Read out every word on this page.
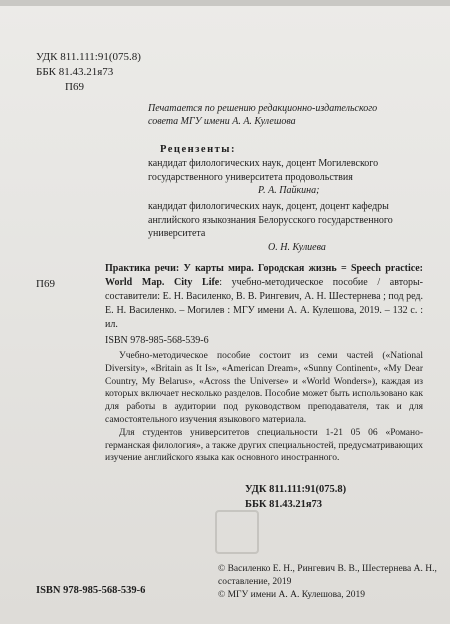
УДК 811.111:91(075.8)
ББК 81.43.21я73
П69
Печатается по решению редакционно-издательского совета МГУ имени А. А. Кулешова
Рецензенты:
кандидат филологических наук, доцент Могилевского государственного университета продовольствия
Р. А. Пайкина;
кандидат филологических наук, доцент, доцент кафедры английского языкознания Белорусского государственного университета
О. Н. Кулиева
П69
Практика речи: У карты мира. Городская жизнь = Speech practice: World Map. City Life: учебно-методическое пособие / авторы-составители: Е. Н. Василенко, В. В. Рингевич, А. Н. Шестернева ; под ред. Е. Н. Василенко. – Могилев : МГУ имени А. А. Кулешова, 2019. – 132 с. : ил.
ISBN 978-985-568-539-6
Учебно-методическое пособие состоит из семи частей («National Diversity», «Britain as It Is», «American Dream», «Sunny Continent», «My Dear Country, My Belarus», «Across the Universe» и «World Wonders»), каждая из которых включает несколько разделов. Пособие может быть использовано как для работы в аудитории под руководством преподавателя, так и для самостоятельного изучения языкового материала.
Для студентов университетов специальности 1-21 05 06 «Романо-германская филология», а также других специальностей, предусматривающих изучение английского языка как основного иностранного.
УДК 811.111:91(075.8)
ББК 81.43.21я73
© Василенко Е. Н., Рингевич В. В., Шестернева А. Н., составление, 2019
© МГУ имени А. А. Кулешова, 2019
ISBN 978-985-568-539-6
